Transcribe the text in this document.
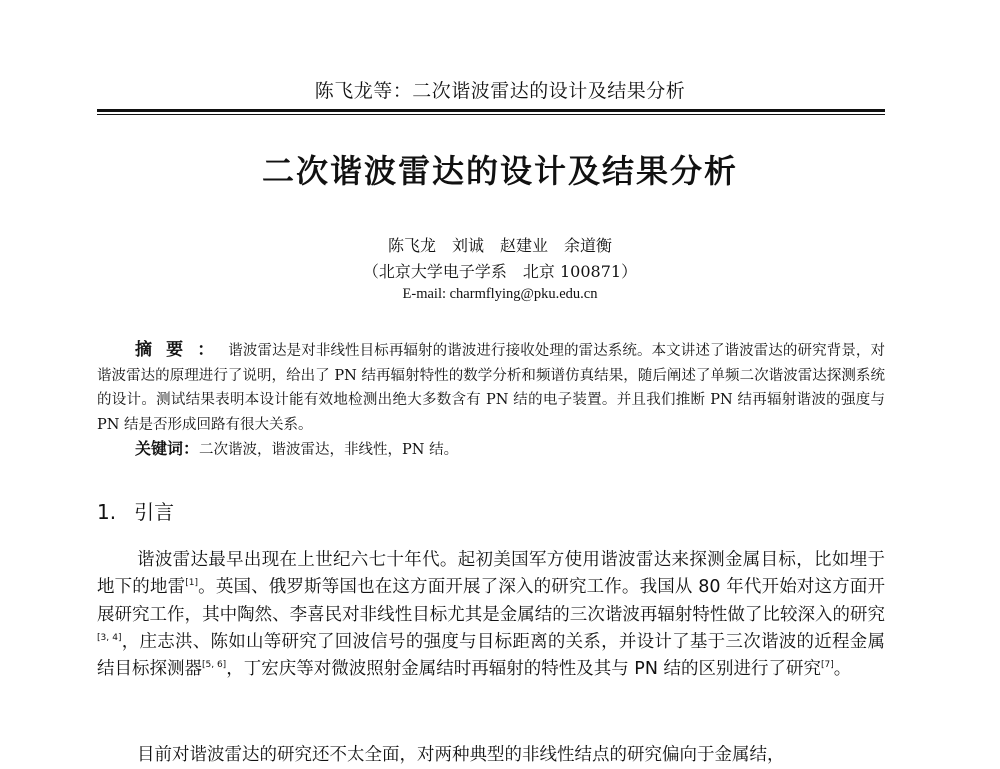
陈飞龙等：二次谐波雷达的设计及结果分析
二次谐波雷达的设计及结果分析
陈飞龙　刘诚　赵建业　余道衡
（北京大学电子学系　北京 100871）
E-mail: charmflying@pku.edu.cn
摘要：谐波雷达是对非线性目标再辐射的谐波进行接收处理的雷达系统。本文讲述了谐波雷达的研究背景，对谐波雷达的原理进行了说明，给出了 PN 结再辐射特性的数学分析和频谱仿真结果，随后阐述了单频二次谐波雷达探测系统的设计。测试结果表明本设计能有效地检测出绝大多数含有 PN 结的电子装置。并且我们推断 PN 结再辐射谐波的强度与 PN 结是否形成回路有很大关系。
关键词：二次谐波，谐波雷达，非线性，PN 结。
1. 引言
谐波雷达最早出现在上世纪六七十年代。起初美国军方使用谐波雷达来探测金属目标，比如埋于地下的地雷[1]。英国、俄罗斯等国也在这方面开展了深入的研究工作。我国从 80 年代开始对这方面开展研究工作，其中陶然、李喜民对非线性目标尤其是金属结的三次谐波再辐射特性做了比较深入的研究[3, 4]，庄志洪、陈如山等研究了回波信号的强度与目标距离的关系，并设计了基于三次谐波的近程金属结目标探测器[5, 6]，丁宏庆等对微波照射金属结时再辐射的特性及其与 PN 结的区别进行了研究[7]。
目前对谐波雷达的研究还不太全面，对两种典型的非线性结点的研究偏向于金属结，
